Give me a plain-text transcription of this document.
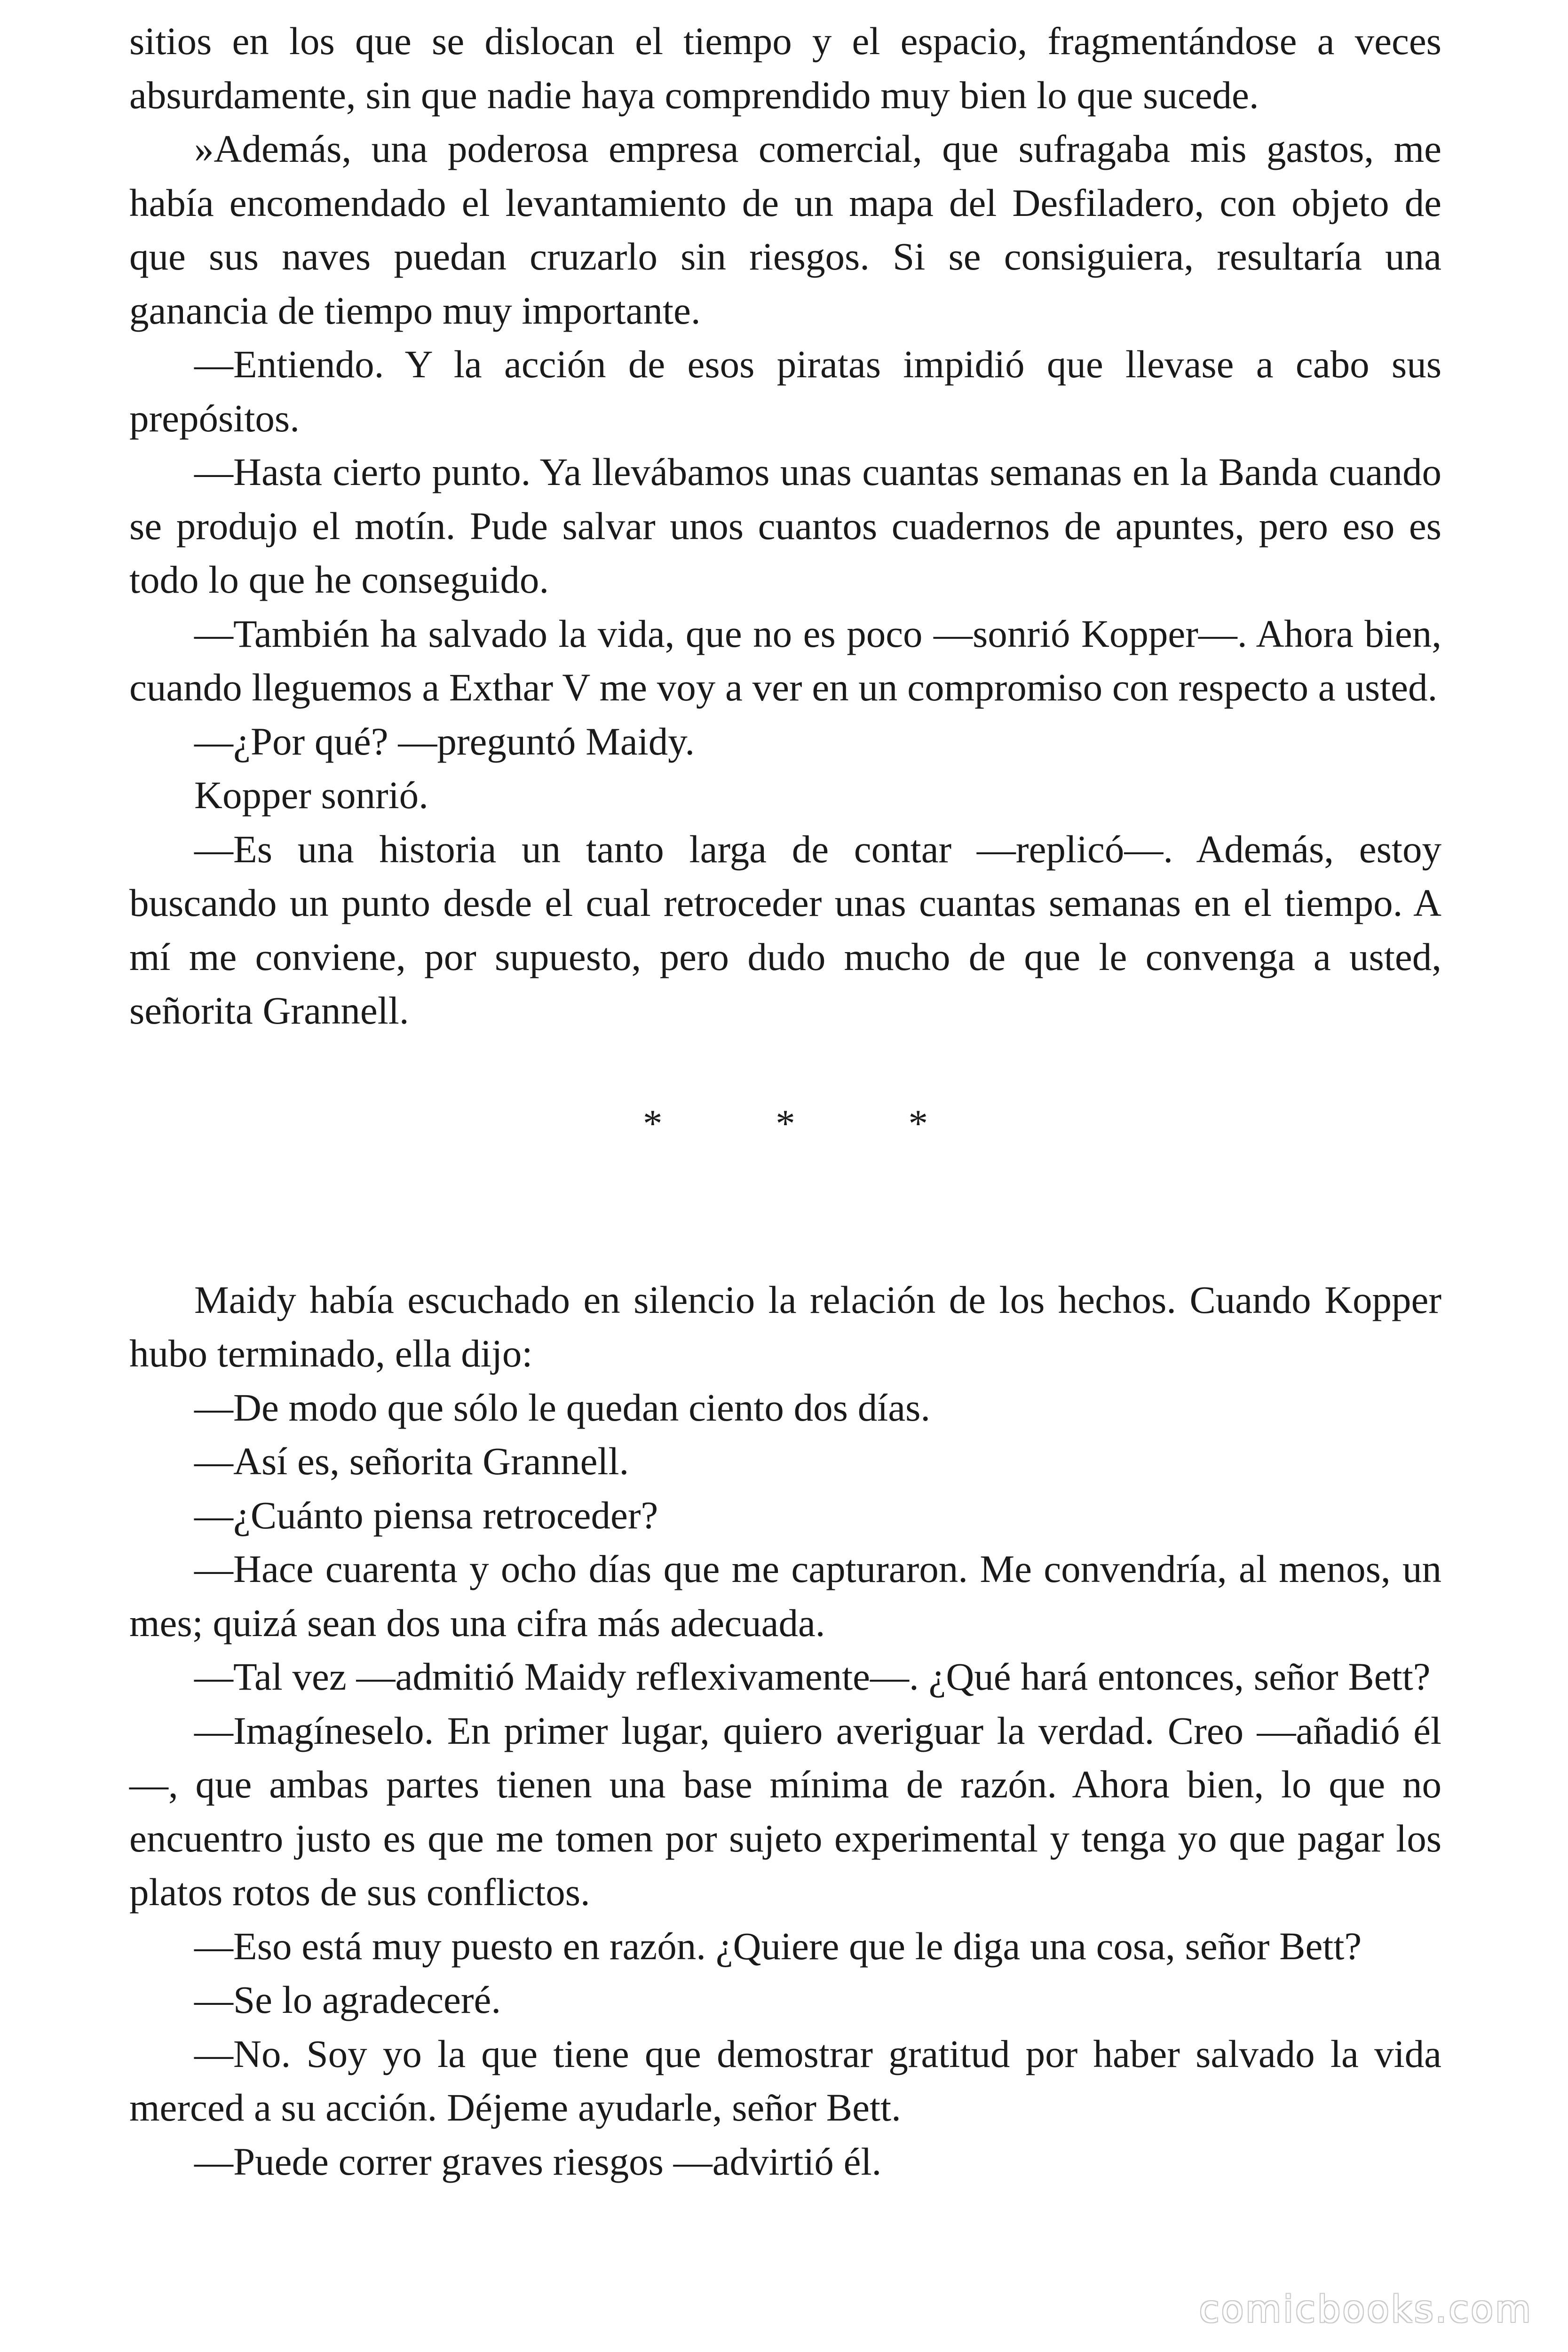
sitios en los que se dislocan el tiempo y el espacio, fragmentándose a veces absurdamente, sin que nadie haya comprendido muy bien lo que sucede.

»Además, una poderosa empresa comercial, que sufragaba mis gastos, me había encomendado el levantamiento de un mapa del Desfiladero, con objeto de que sus naves puedan cruzarlo sin riesgos. Si se consiguiera, resultaría una ganancia de tiempo muy importante.

—Entiendo. Y la acción de esos piratas impidió que llevase a cabo sus prepósitos.

—Hasta cierto punto. Ya llevábamos unas cuantas semanas en la Banda cuando se produjo el motín. Pude salvar unos cuantos cuadernos de apuntes, pero eso es todo lo que he conseguido.

—También ha salvado la vida, que no es poco —sonrió Kopper—. Ahora bien, cuando lleguemos a Exthar V me voy a ver en un compromiso con respecto a usted.

—¿Por qué? —preguntó Maidy.

Kopper sonrió.

—Es una historia un tanto larga de contar —replicó—. Además, estoy buscando un punto desde el cual retroceder unas cuantas semanas en el tiempo. A mí me conviene, por supuesto, pero dudo mucho de que le convenga a usted, señorita Grannell.

* * *

Maidy había escuchado en silencio la relación de los hechos. Cuando Kopper hubo terminado, ella dijo:

—De modo que sólo le quedan ciento dos días.

—Así es, señorita Grannell.

—¿Cuánto piensa retroceder?

—Hace cuarenta y ocho días que me capturaron. Me convendría, al menos, un mes; quizá sean dos una cifra más adecuada.

—Tal vez —admitió Maidy reflexivamente—. ¿Qué hará entonces, señor Bett?

—Imagíneselo. En primer lugar, quiero averiguar la verdad. Creo —añadió él—, que ambas partes tienen una base mínima de razón. Ahora bien, lo que no encuentro justo es que me tomen por sujeto experimental y tenga yo que pagar los platos rotos de sus conflictos.

—Eso está muy puesto en razón. ¿Quiere que le diga una cosa, señor Bett?

—Se lo agradeceré.

—No. Soy yo la que tiene que demostrar gratitud por haber salvado la vida merced a su acción. Déjeme ayudarle, señor Bett.

—Puede correr graves riesgos —advirtió él.

comicbooks.com
